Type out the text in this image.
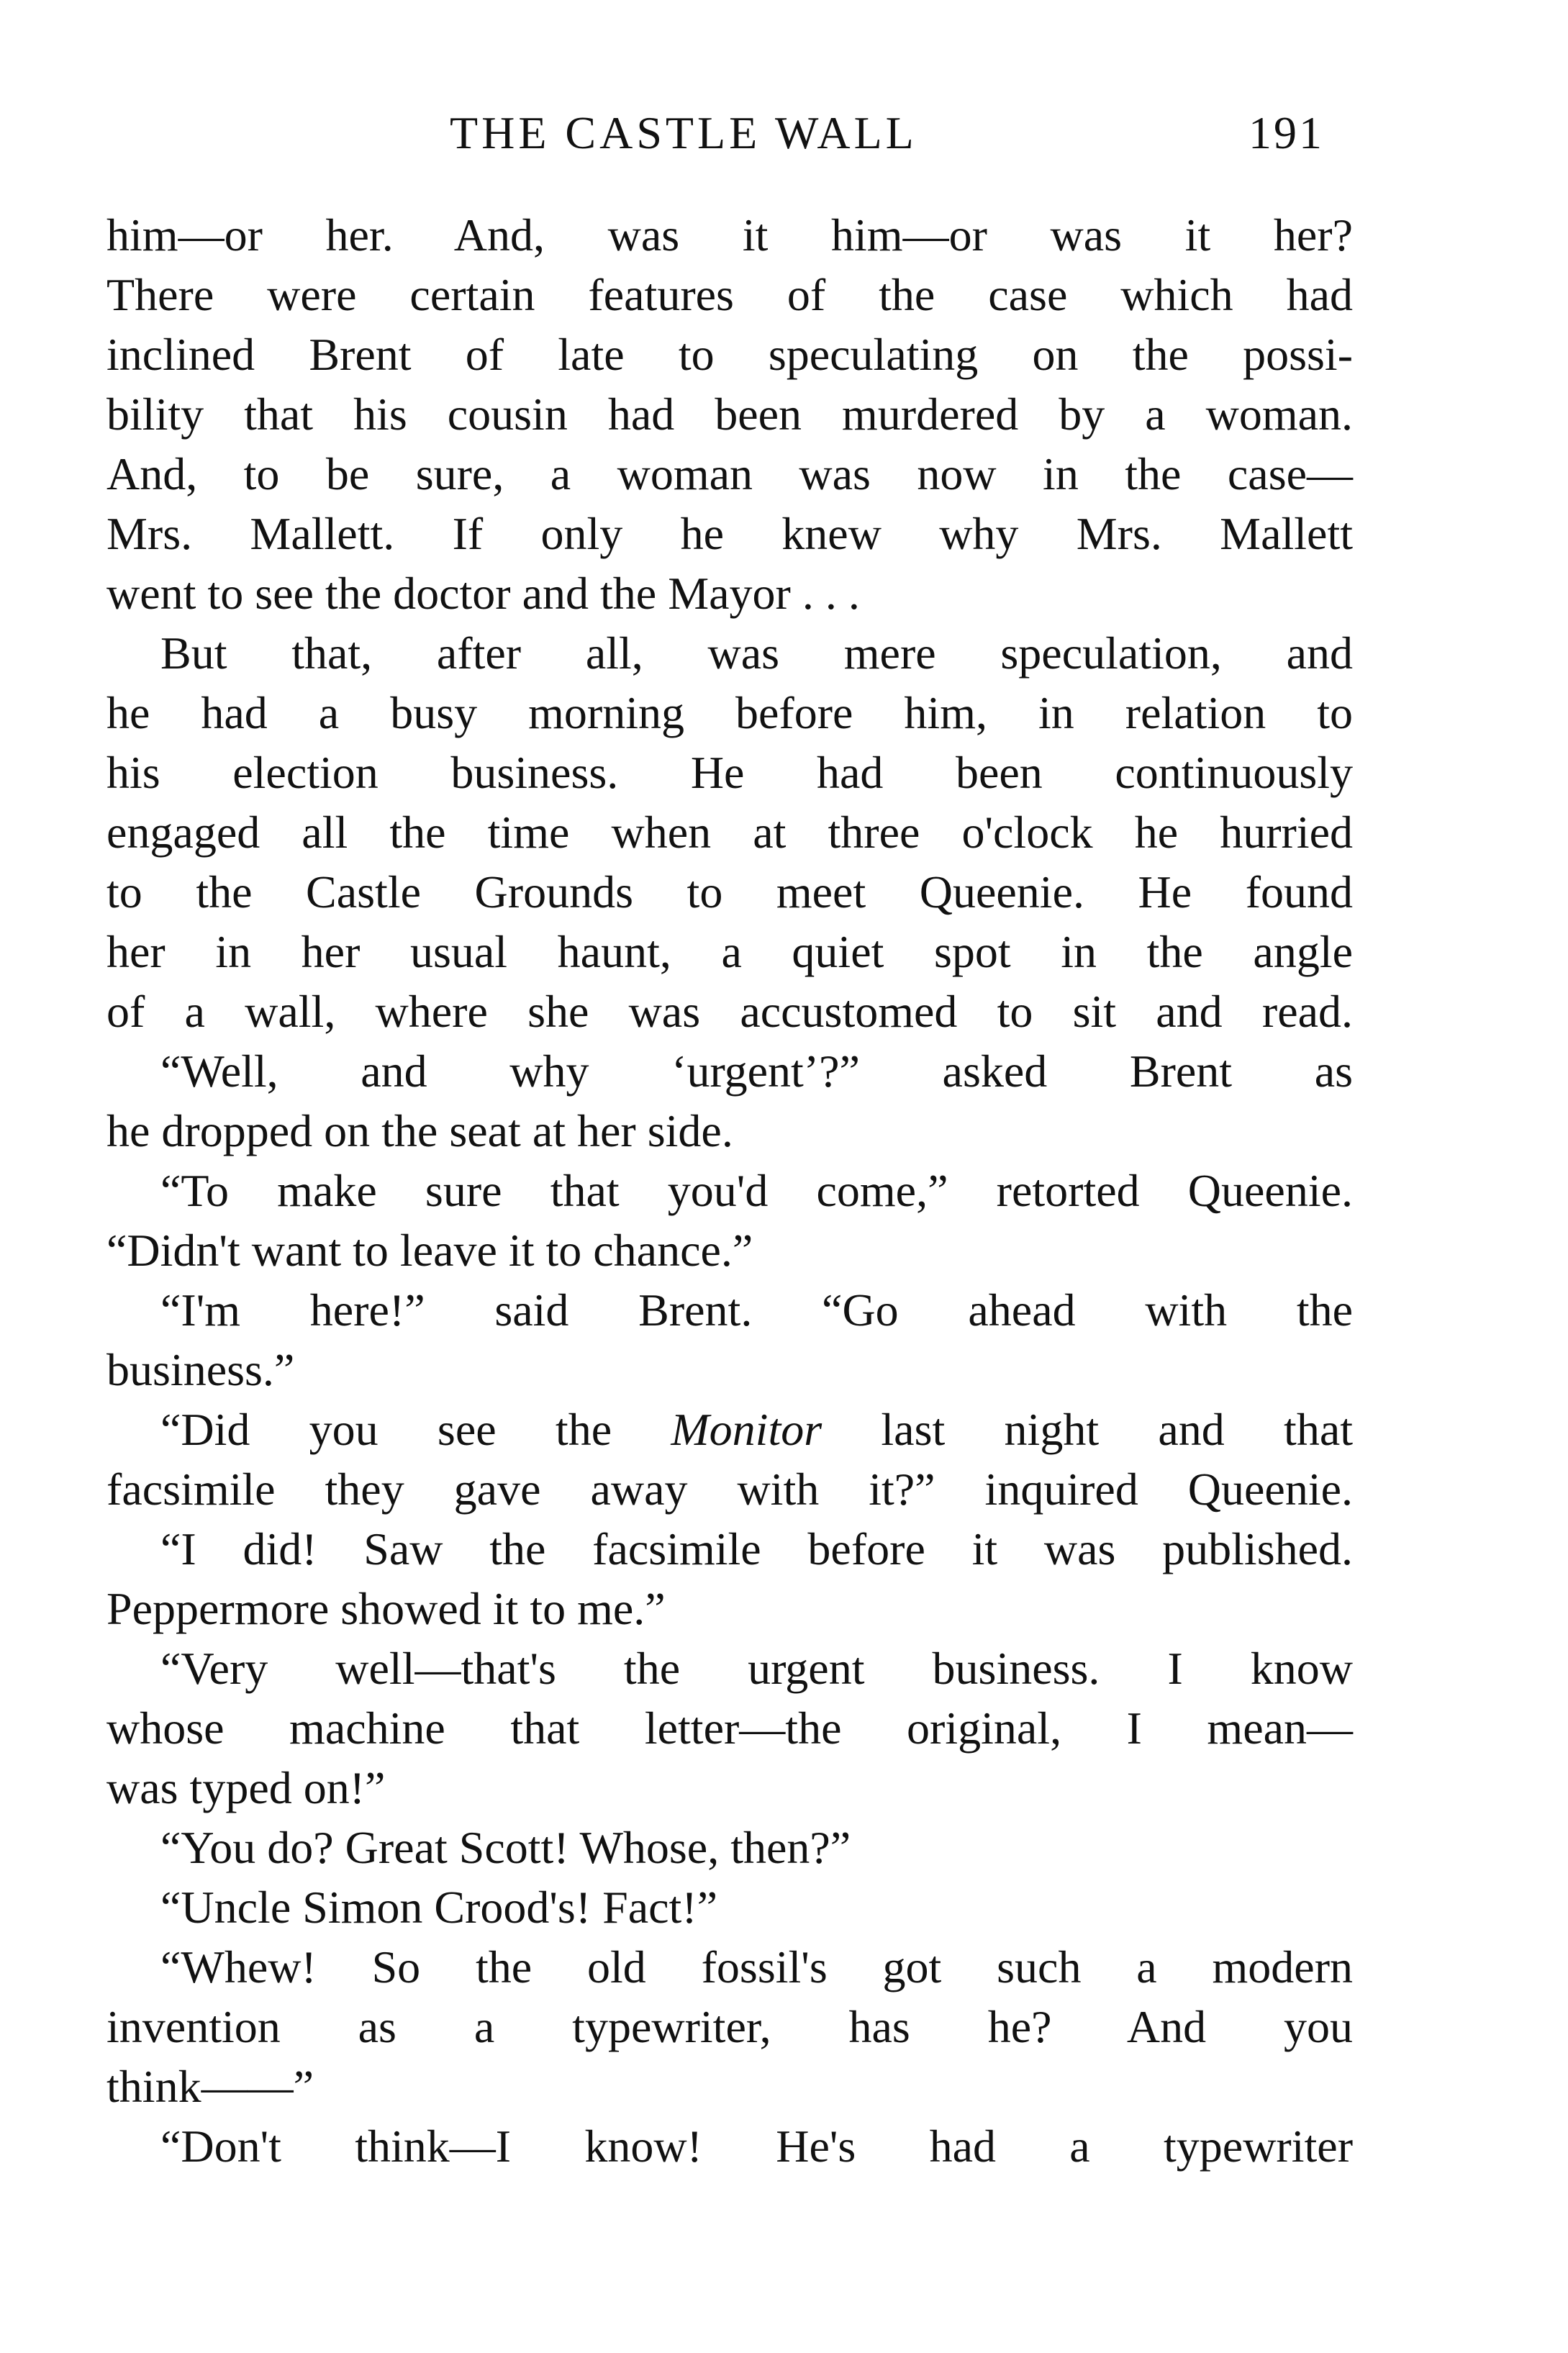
THE CASTLE WALL	191
him—or her. And, was it him—or was it her?
There were certain features of the case which had
inclined Brent of late to speculating on the possi-
bility that his cousin had been murdered by a woman.
And, to be sure, a woman was now in the case—
Mrs. Mallett. If only he knew why Mrs. Mallett
went to see the doctor and the Mayor . . .
But that, after all, was mere speculation, and
he had a busy morning before him, in relation to
his election business. He had been continuously
engaged all the time when at three o'clock he hurried
to the Castle Grounds to meet Queenie. He found
her in her usual haunt, a quiet spot in the angle
of a wall, where she was accustomed to sit and read.
“Well, and why ‘urgent’?” asked Brent as
he dropped on the seat at her side.
“To make sure that you'd come,” retorted Queenie.
“Didn't want to leave it to chance.”
“I'm here!” said Brent. “Go ahead with the
business.”
“Did you see the Monitor last night and that
facsimile they gave away with it?” inquired Queenie.
“I did! Saw the facsimile before it was published.
Peppermore showed it to me.”
“Very well—that's the urgent business. I know
whose machine that letter—the original, I mean—
was typed on!”
“You do? Great Scott! Whose, then?”
“Uncle Simon Crood's! Fact!”
“Whew! So the old fossil's got such a modern
invention as a typewriter, has he? And you
think——”
“Don't think—I know! He's had a typewriter
